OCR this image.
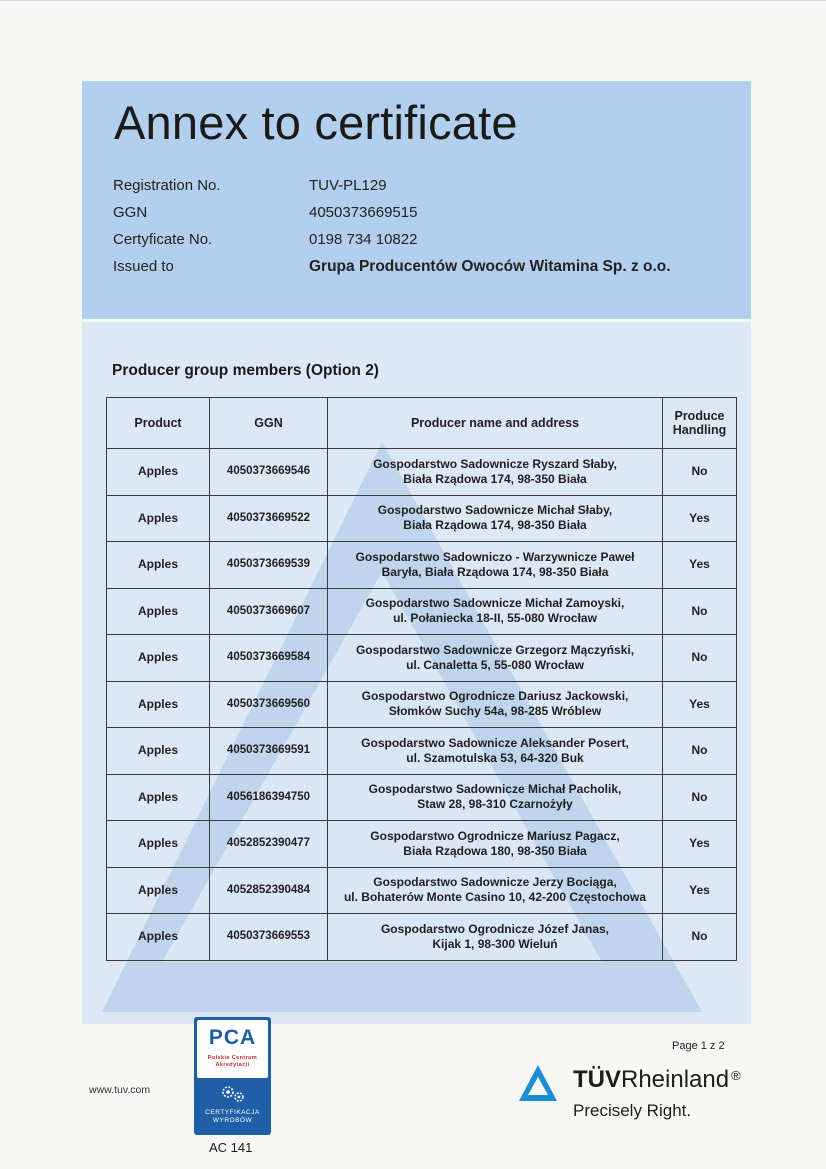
Annex to certificate
Registration No.	TUV-PL129
GGN	4050373669515
Certyficate No.	0198 734 10822
Issued to	Grupa Producentów Owoców Witamina Sp. z o.o.
Producer group members (Option 2)
Product	GGN	Producer name and address	Produce
Handling
Apples	4050373669546	Gospodarstwo Sadownicze Ryszard Słaby,
Biała Rządowa 174, 98-350 Biała	No
Apples	4050373669522	Gospodarstwo Sadownicze Michał Słaby,
Biała Rządowa 174, 98-350 Biała	Yes
Apples	4050373669539	Gospodarstwo Sadowniczo - Warzywnicze Paweł
Baryła, Biała Rządowa 174, 98-350 Biała	Yes
Apples	4050373669607	Gospodarstwo Sadownicze Michał Zamoyski,
ul. Połaniecka 18-II, 55-080 Wrocław	No
Apples	4050373669584	Gospodarstwo Sadownicze Grzegorz Mączyński,
ul. Canaletta 5, 55-080 Wrocław	No
Apples	4050373669560	Gospodarstwo Ogrodnicze Dariusz Jackowski,
Słomków Suchy 54a, 98-285 Wróblew	Yes
Apples	4050373669591	Gospodarstwo Sadownicze Aleksander Posert,
ul. Szamotulska 53, 64-320 Buk	No
Apples	4056186394750	Gospodarstwo Sadownicze Michał Pacholik,
Staw 28, 98-310 Czarnożyły	No
Apples	4052852390477	Gospodarstwo Ogrodnicze Mariusz Pagacz,
Biała Rządowa 180, 98-350 Biała	Yes
Apples	4052852390484	Gospodarstwo Sadownicze Jerzy Bociąga,
ul. Bohaterów Monte Casino 10, 42-200 Częstochowa	Yes
Apples	4050373669553	Gospodarstwo Ogrodnicze Józef Janas,
Kijak 1, 98-300 Wieluń	No
www.tuv.com
PCA
Polskie Centrum
Akredytacji
CERTYFIKACJA
WYROBÓW
AC 141
Page 1 z 2
TÜVRheinland ®
Precisely Right.
